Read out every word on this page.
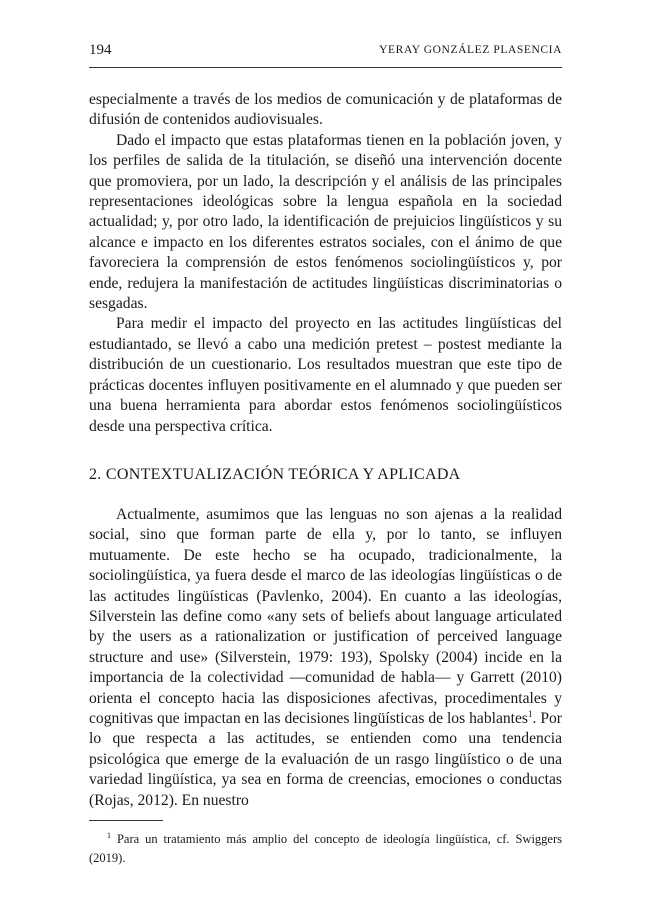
194	YERAY GONZÁLEZ PLASENCIA

especialmente a través de los medios de comunicación y de plataformas de difusión de contenidos audiovisuales.

Dado el impacto que estas plataformas tienen en la población joven, y los perfiles de salida de la titulación, se diseñó una intervención docente que promoviera, por un lado, la descripción y el análisis de las principales representaciones ideológicas sobre la lengua española en la sociedad actualidad; y, por otro lado, la identificación de prejuicios lingüísticos y su alcance e impacto en los diferentes estratos sociales, con el ánimo de que favoreciera la comprensión de estos fenómenos sociolingüísticos y, por ende, redujera la manifestación de actitudes lingüísticas discriminatorias o sesgadas.

Para medir el impacto del proyecto en las actitudes lingüísticas del estudiantado, se llevó a cabo una medición pretest – postest mediante la distribución de un cuestionario. Los resultados muestran que este tipo de prácticas docentes influyen positivamente en el alumnado y que pueden ser una buena herramienta para abordar estos fenómenos sociolingüísticos desde una perspectiva crítica.

2. CONTEXTUALIZACIÓN TEÓRICA Y APLICADA

Actualmente, asumimos que las lenguas no son ajenas a la realidad social, sino que forman parte de ella y, por lo tanto, se influyen mutuamente. De este hecho se ha ocupado, tradicionalmente, la sociolingüística, ya fuera desde el marco de las ideologías lingüísticas o de las actitudes lingüísticas (Pavlenko, 2004). En cuanto a las ideologías, Silverstein las define como «any sets of beliefs about language articulated by the users as a rationalization or justification of perceived language structure and use» (Silverstein, 1979: 193), Spolsky (2004) incide en la importancia de la colectividad —comunidad de habla— y Garrett (2010) orienta el concepto hacia las disposiciones afectivas, procedimentales y cognitivas que impactan en las decisiones lingüísticas de los hablantes$^1$. Por lo que respecta a las actitudes, se entienden como una tendencia psicológica que emerge de la evaluación de un rasgo lingüístico o de una variedad lingüística, ya sea en forma de creencias, emociones o conductas (Rojas, 2012). En nuestro

$^1$ Para un tratamiento más amplio del concepto de ideología lingüística, cf. Swiggers (2019).
